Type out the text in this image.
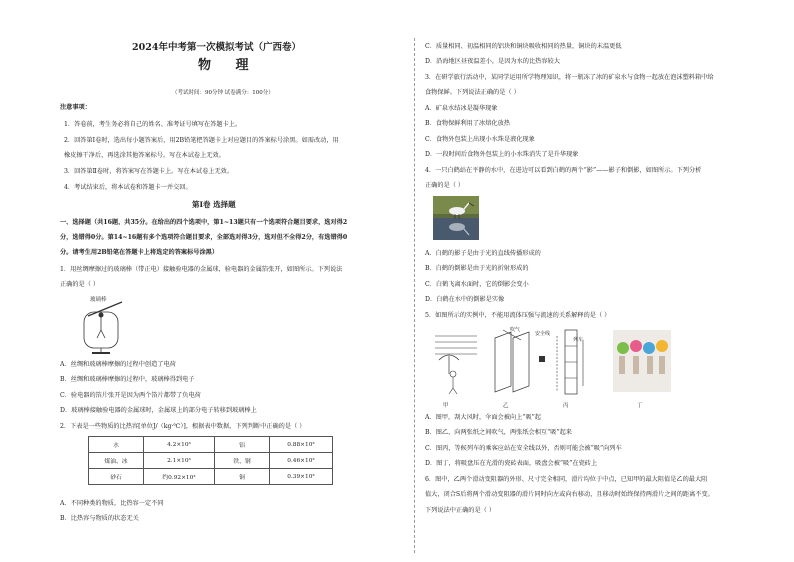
2024年中考第一次模拟考试（广西卷）
物 理
（考试时间：90分钟 试卷满分：100分）
注意事项：
1．答卷前，考生务必将自己的姓名、准考证号填写在答题卡上。
2．回答第Ⅰ卷时，选出每小题答案后，用2B铅笔把答题卡上对应题目的答案标号涂黑。如需改动，用
橡皮擦干净后，再选涂其他答案标号。写在本试卷上无效。
3．回答第Ⅱ卷时，将答案写在答题卡上。写在本试卷上无效。
4．考试结束后，将本试卷和答题卡一并交回。
第Ⅰ卷 选择题
一、选择题（共16题，共35分。在给出的四个选项中，第1~13题只有一个选项符合题目要求，选对得2
分，选错得0分。第14~16题有多个选项符合题目要求，全部选对得3分，选对但不全得2分，有选错得0
分。请考生用2B铅笔在答题卡上将选定的答案标号涂黑）
1．用丝绸摩擦过的玻璃棒（带正电）接触验电器的金属球，验电器的金属箔张开，如图所示。下列说法
正确的是（ ）
玻璃棒
A．丝绸和玻璃棒摩擦的过程中创造了电荷
B．丝绸和玻璃棒摩擦的过程中，玻璃棒得到电子
C．验电器的箔片张开是因为两个箔片都带了负电荷
D．玻璃棒接触验电器的金属球时，金属球上的部分电子转移到玻璃棒上
2．下表是一些物质的比热容[单位J/（kg·℃）]，根据表中数据，下列判断中正确的是（ ）
水	4.2×10³	铝	0.88×10³
煤油、冰	2.1×10³	铁、钢	0.46×10³
砂石	约0.92×10³	铜	0.39×10³
A．不同种类的物质，比热容一定不同
B．比热容与物质的状态无关
C．质量相同、初温相同的铝块和铜块吸收相同的热量，铜块的末温更低
D．沿海地区昼夜温差小，是因为水的比热容较大
3．在研学旅行活动中，某同学运用所学物理知识，将一瓶冻了冰的矿泉水与食物一起放在泡沫塑料箱中给
食物保鲜。下列说法正确的是（ ）
A．矿泉水结冰是凝华现象
B．食物保鲜利用了冰熔化放热
C．食物外包装上出现小水珠是液化现象
D．一段时间后食物外包装上的小水珠消失了是升华现象
4．一只白鹤站在平静的水中，在进边可以看到白鹤的两个“影”——影子和倒影，如图所示。下列分析
正确的是（ ）
A．白鹤的影子是由于光的直线传播形成的
B．白鹤的倒影是由于光的折射形成的
C．白鹤飞离水面时，它的倒影会变小
D．白鹤在水中的倒影是实像
5．如图所示的实例中，不能用流体压强与流速的关系解释的是（ ）
吹气
安全线
列车
甲	乙	丙	丁
A．图甲，刮大风时，伞面会被向上“吸”起
B．图乙，向两张纸之间吹气，两张纸会相互“吸”起来
C．图丙，等候列车的乘客应站在安全线以外，否则可能会被“吸”向列车
D．图丁，将吸盘压在光滑的瓷砖表面，吸盘会被“吸”在瓷砖上
6．图中，乙两个滑动变阻器的外形、尺寸完全相同，滑片均位于中点，已知甲的最大阻值是乙的最大阻
值大，闭合S后将两个滑动变阻器的滑片同时向左或向右移动，且移动时始终保持两滑片之间的距离不变。
下列说法中正确的是（ ）
